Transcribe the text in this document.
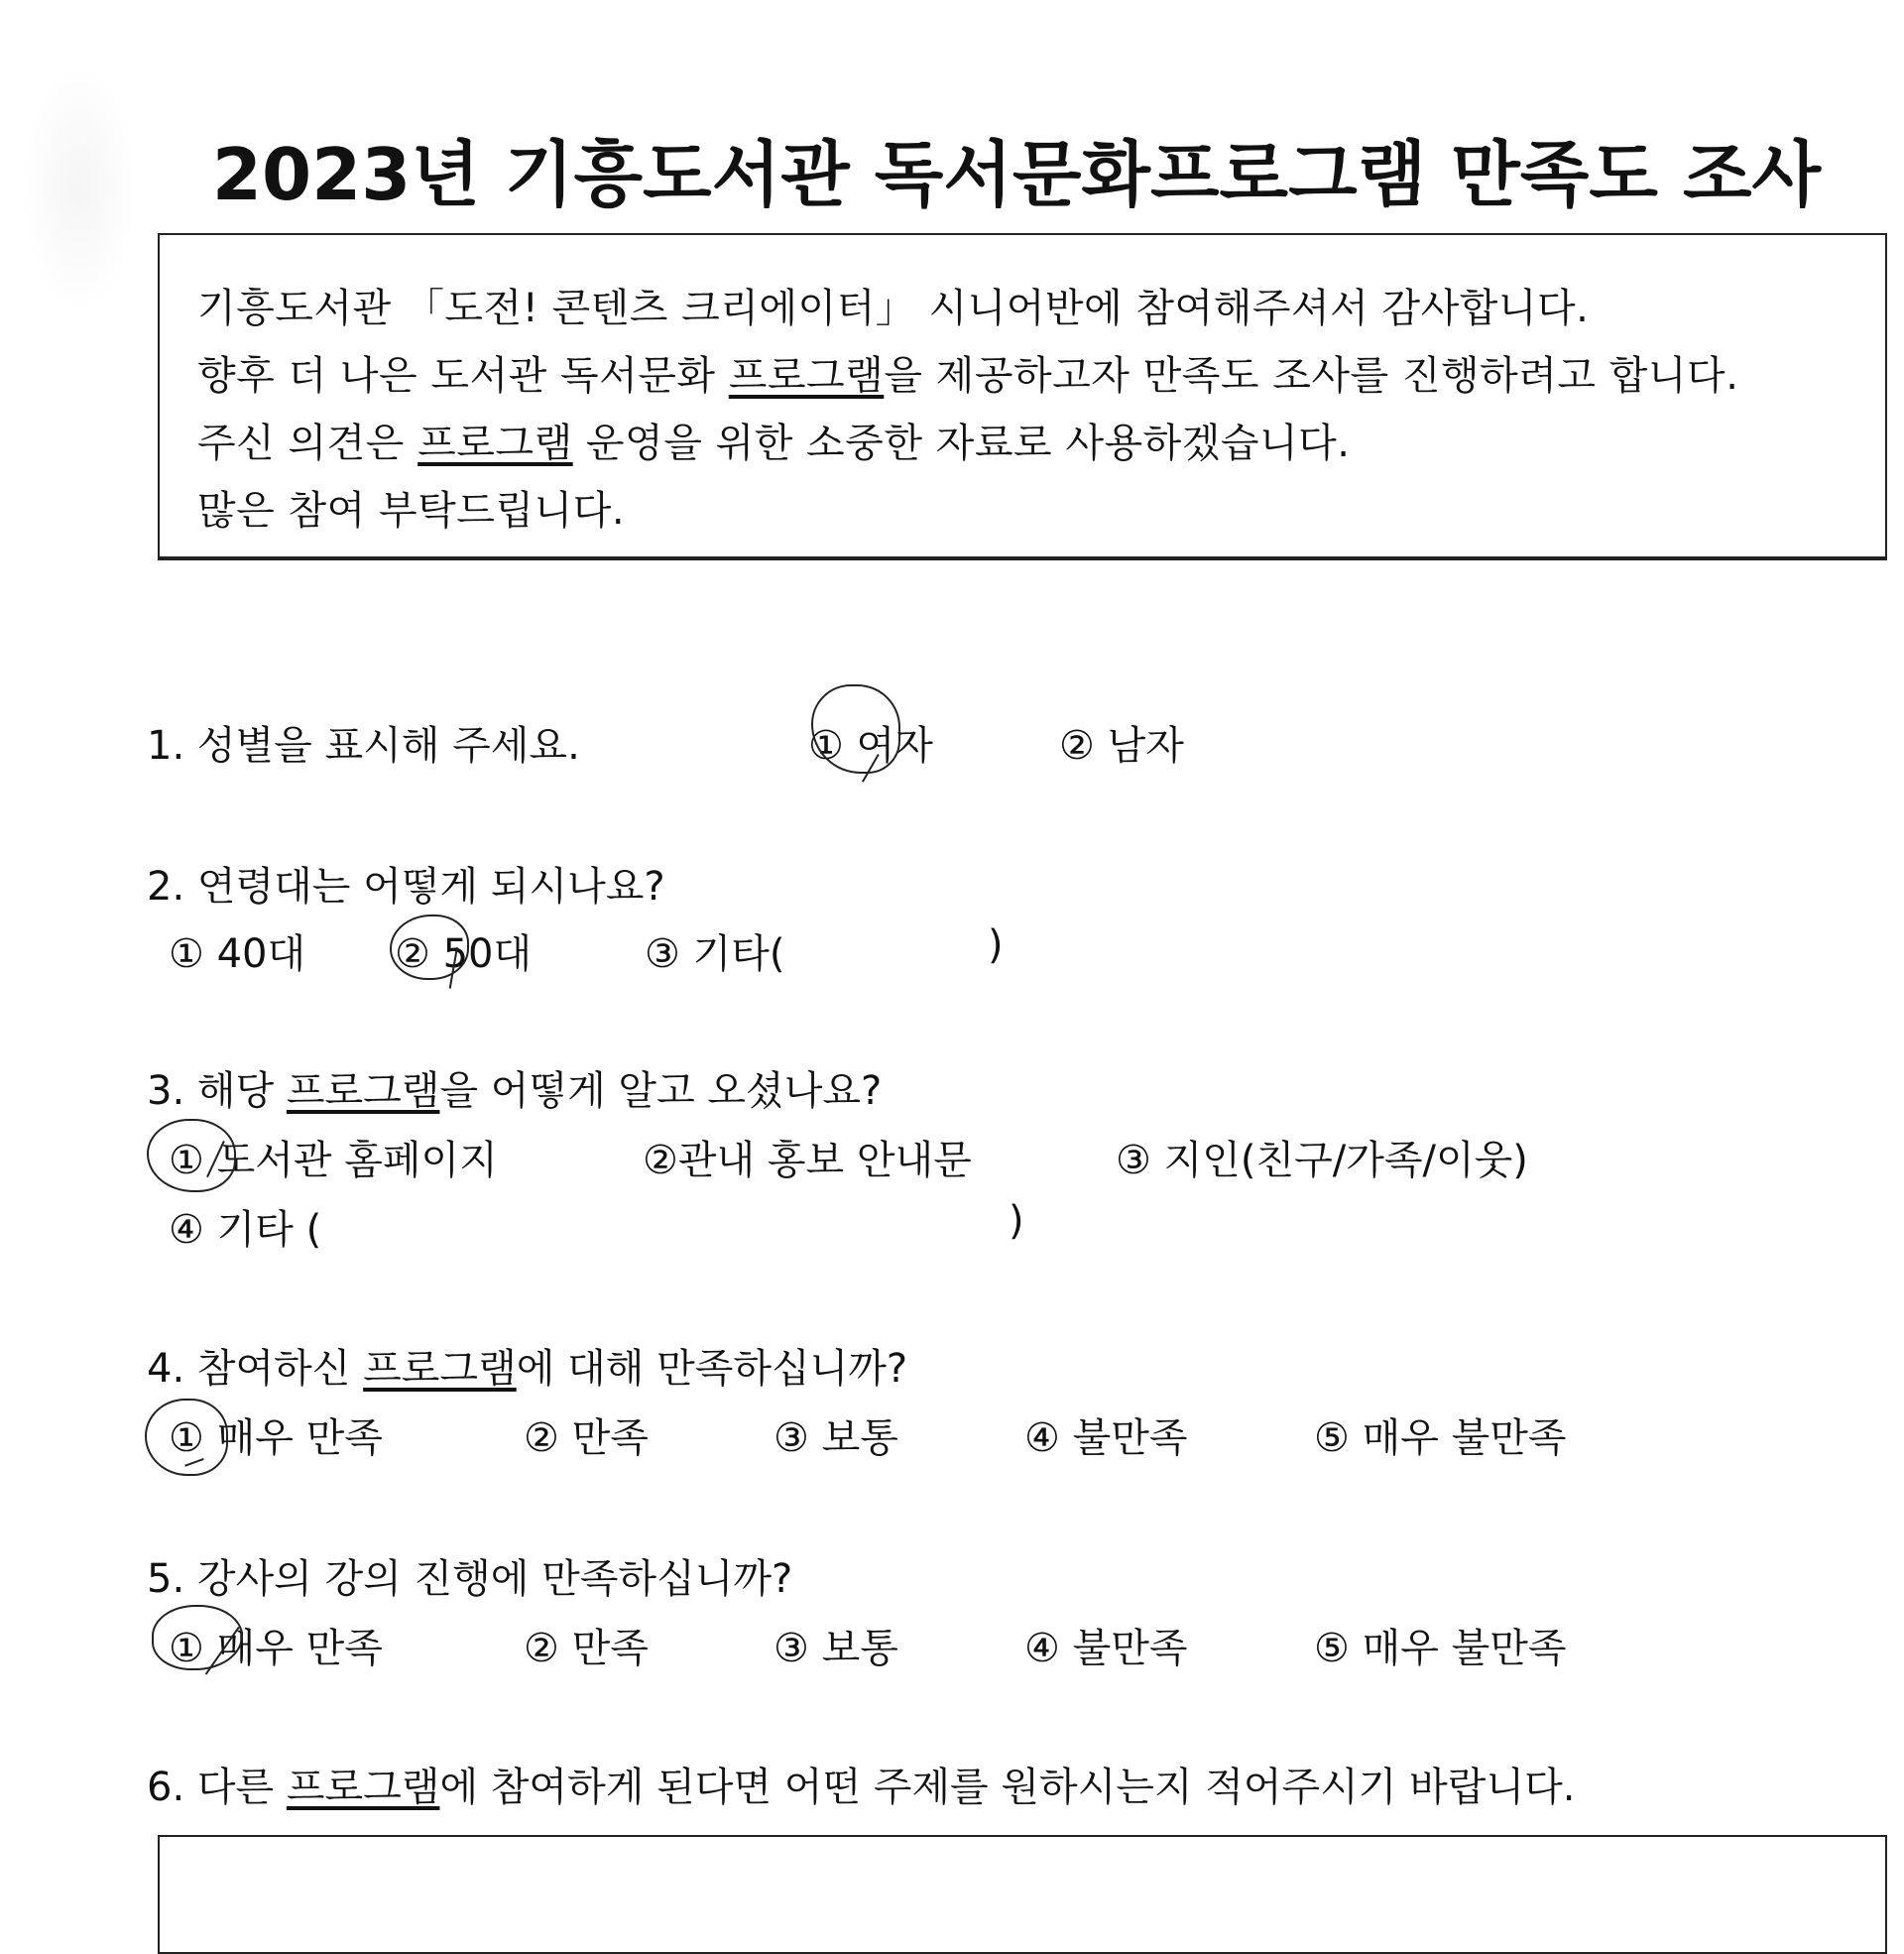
2023년 기흥도서관 독서문화프로그램 만족도 조사
기흥도서관 「도전! 콘텐츠 크리에이터」 시니어반에 참여해주셔서 감사합니다.
향후 더 나은 도서관 독서문화 프로그램을 제공하고자 만족도 조사를 진행하려고 합니다.
주신 의견은 프로그램 운영을 위한 소중한 자료로 사용하겠습니다.
많은 참여 부탁드립니다.
1. 성별을 표시해 주세요.	① 여자	② 남자
2. 연령대는 어떻게 되시나요?
① 40대 ② 50대	③ 기타(	)
3. 해당 프로그램을 어떻게 알고 오셨나요?
① 도서관 홈페이지	②관내 홍보 안내문	③ 지인(친구/가족/이웃)
④ 기타 (	)
4. 참여하신 프로그램에 대해 만족하십니까?
① 매우 만족	② 만족	③ 보통	④ 불만족	⑤ 매우 불만족
5. 강사의 강의 진행에 만족하십니까?
① 매우 만족	② 만족	③ 보통	④ 불만족	⑤ 매우 불만족
6. 다른 프로그램에 참여하게 된다면 어떤 주제를 원하시는지 적어주시기 바랍니다.
